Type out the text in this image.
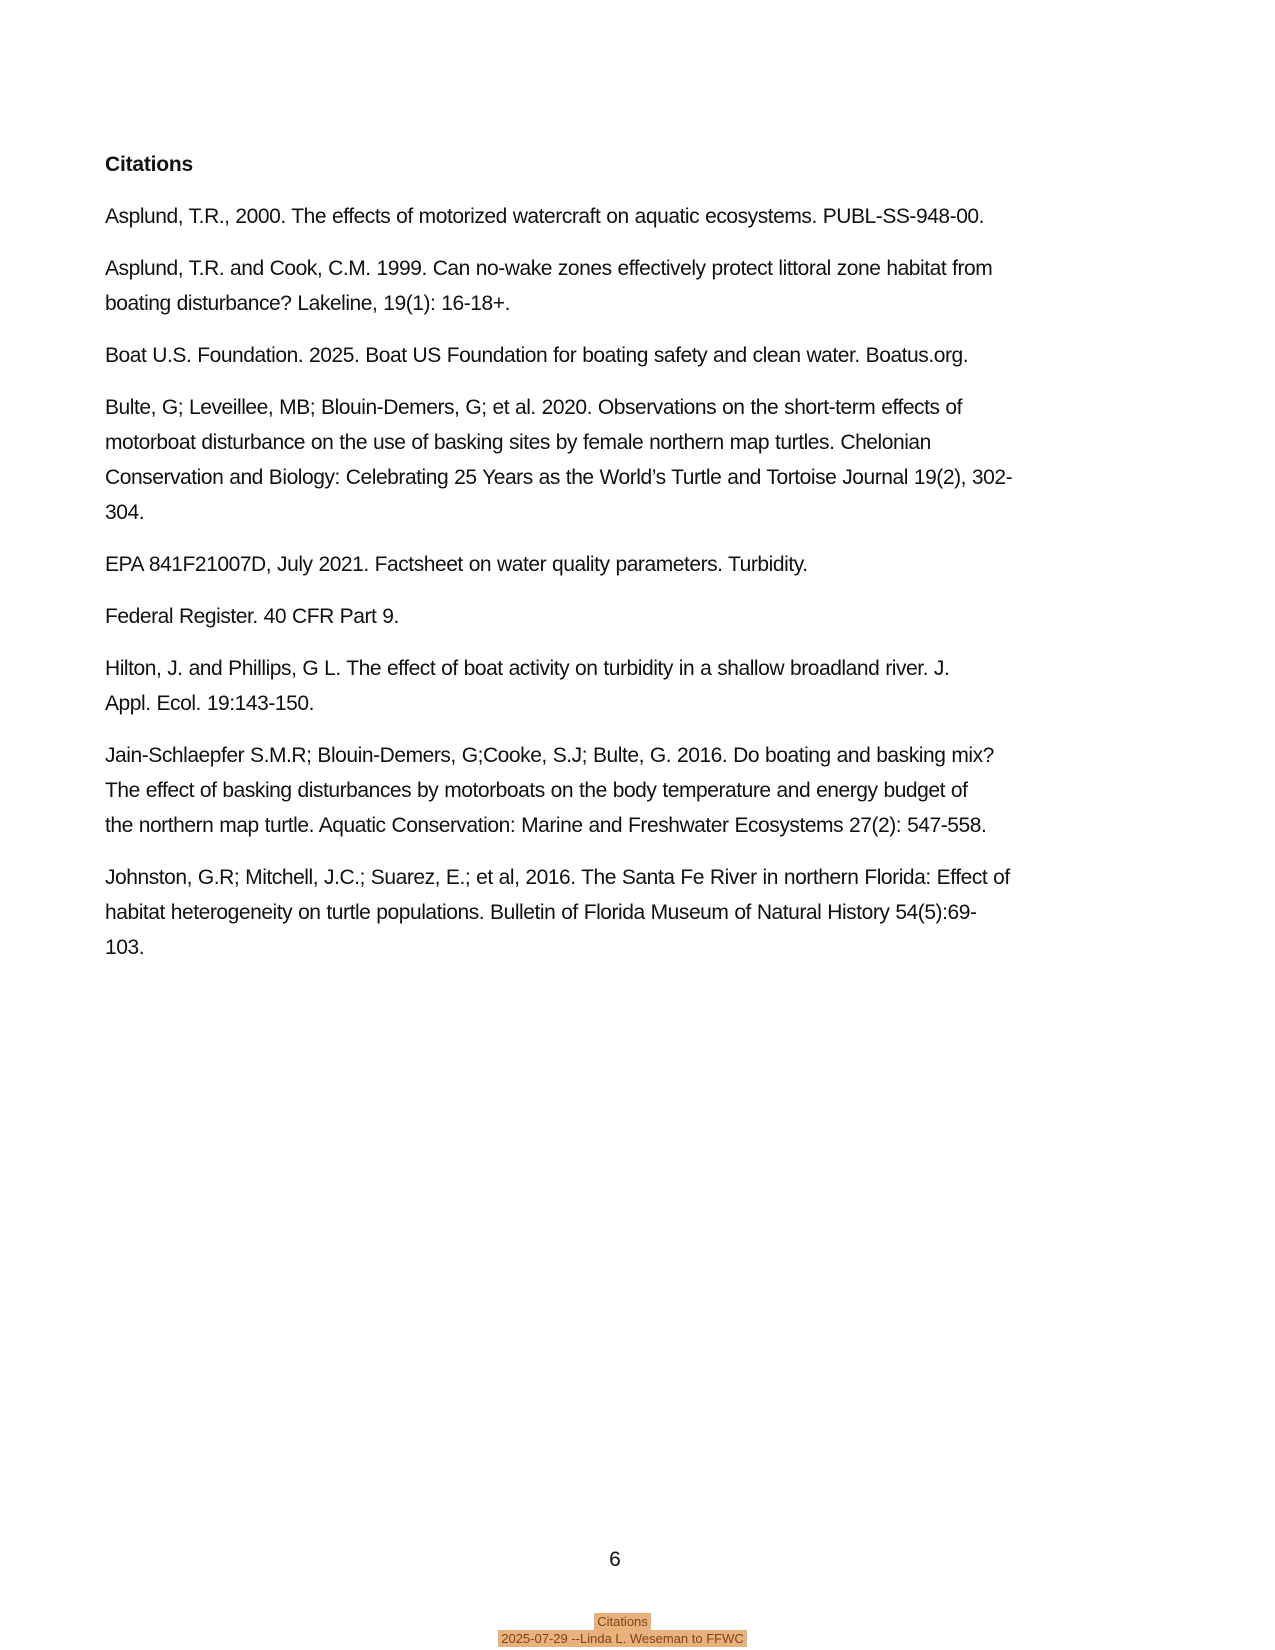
Citations
Asplund, T.R., 2000. The effects of motorized watercraft on aquatic ecosystems. PUBL-SS-948-00.
Asplund, T.R. and Cook, C.M. 1999. Can no-wake zones effectively protect littoral zone habitat from
boating disturbance? Lakeline, 19(1): 16-18+.
Boat U.S. Foundation. 2025. Boat US Foundation for boating safety and clean water. Boatus.org.
Bulte, G; Leveillee, MB; Blouin-Demers, G; et al. 2020. Observations on the short-term effects of
motorboat disturbance on the use of basking sites by female northern map turtles. Chelonian
Conservation and Biology: Celebrating 25 Years as the World’s Turtle and Tortoise Journal 19(2), 302-
304.
EPA 841F21007D, July 2021. Factsheet on water quality parameters. Turbidity.
Federal Register. 40 CFR Part 9.
Hilton, J. and Phillips, G L. The effect of boat activity on turbidity in a shallow broadland river. J.
Appl. Ecol. 19:143-150.
Jain-Schlaepfer S.M.R; Blouin-Demers, G;Cooke, S.J; Bulte, G. 2016. Do boating and basking mix?
The effect of basking disturbances by motorboats on the body temperature and energy budget of
the northern map turtle. Aquatic Conservation: Marine and Freshwater Ecosystems 27(2): 547-558.
Johnston, G.R; Mitchell, J.C.; Suarez, E.; et al, 2016. The Santa Fe River in northern Florida: Effect of
habitat heterogeneity on turtle populations. Bulletin of Florida Museum of Natural History 54(5):69-
103.
6
Citations
2025-07-29 --Linda L. Weseman to FFWC
